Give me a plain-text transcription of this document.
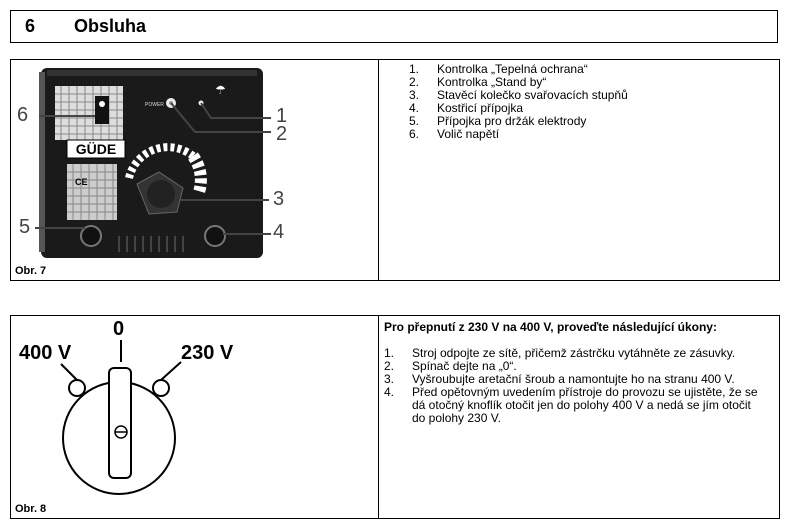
6 Obsluha
GÜDE
CE
POWER
☂
6	1
2
3
5	4
Obr. 7
1. Kontrolka „Tepelná ochrana“
2. Kontrolka „Stand by“
3. Stavěcí kolečko svařovacích stupňů
4. Kostřicí přípojka
5. Přípojka pro držák elektrody
6. Volič napětí
0
400 V	230 V
Obr. 8
Pro přepnutí z 230 V na 400 V, proveďte následující úkony:
1. Stroj odpojte ze sítě, přičemž zástrčku vytáhněte ze zásuvky.
2. Spínač dejte na „0“.
3. Vyšroubujte aretační šroub a namontujte ho na stranu 400 V.
4. Před opětovným uvedením přístroje do provozu se ujistěte, že se dá otočný knoflík otočit jen do polohy 400 V a nedá se jím otočit do polohy 230 V.
